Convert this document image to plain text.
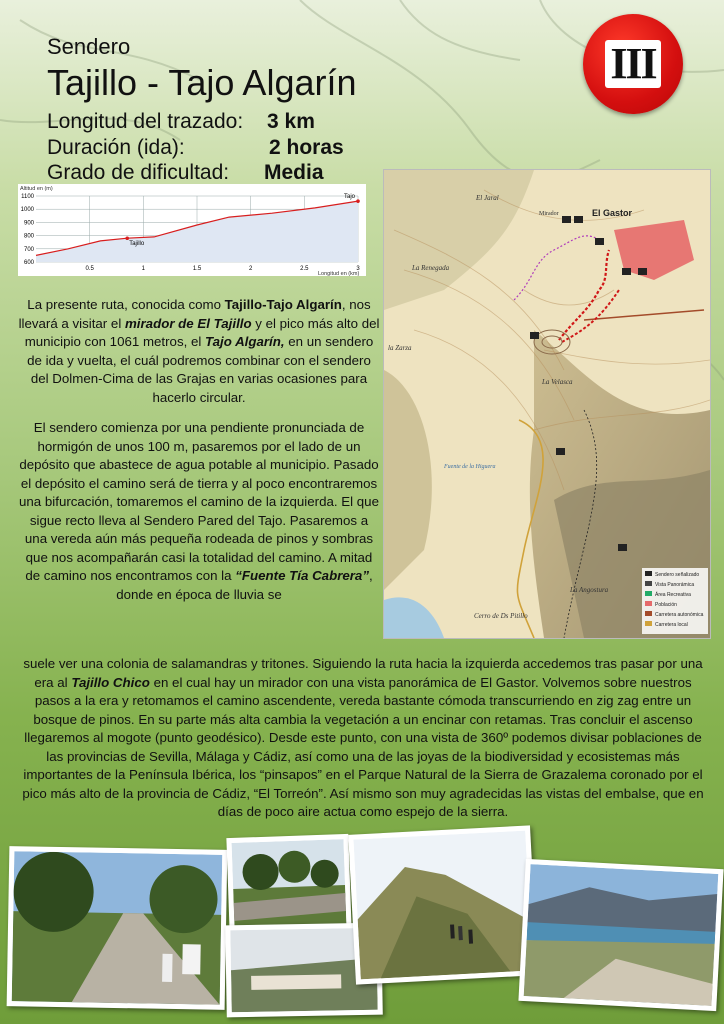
Sendero
Tajillo - Tajo Algarín
Longitud del trazado: 3 km
Duración (ida):	2 horas
Grado de dificultad: Media
III
Altitud en (m)
1100
1000
900
800
700
600
0.5	1	1.5	2	2.5	3
Tajillo
Tajo
Longitud en (km)
El Jaral
El Gastor
Mirador
La Renegada
La Velasca
La Angostura
la Zarza
Cerro de Ds Pitillo
Fuente de la Higuera
Sendero señalizado
Vista Panorámica
Área Recreativa
Población
Carretera autonómica
Carretera local

La presente ruta, conocida como Tajillo-Tajo Algarín, nos llevará a visitar el mirador de El Tajillo y el pico más alto del municipio con 1061 metros, el Tajo Algarín, en un sendero de ida y vuelta, el cuál podremos combinar con el sendero del Dolmen-Cima de las Grajas en varias ocasiones para hacerlo circular.

El sendero comienza por una pendiente pronunciada de hormigón de unos 100 m, pasaremos por el lado de un depósito que abastece de agua potable al municipio. Pasado el depósito el camino será de tierra y al poco encontraremos una bifurcación, tomaremos el camino de la izquierda. El que sigue recto lleva al Sendero Pared del Tajo. Pasaremos a una vereda aún más pequeña rodeada de pinos y sombras que nos acompañarán casi la totalidad del camino. A mitad de camino nos encontramos con la “Fuente Tía Cabrera”, donde en época de lluvia se

suele ver una colonia de salamandras y tritones. Siguiendo la ruta hacia la izquierda accedemos tras pasar por una era al Tajillo Chico en el cual hay un mirador con una vista panorámica de El Gastor. Volvemos sobre nuestros pasos a la era y retomamos el camino ascendente, vereda bastante cómoda transcurriendo en zig zag entre un bosque de pinos. En su parte más alta cambia la vegetación a un encinar con retamas. Tras concluir el ascenso llegaremos al mogote (punto geodésico). Desde este punto, con una vista de 360º podemos divisar poblaciones de las provincias de Sevilla, Málaga y Cádiz, así como una de las joyas de la biodiversidad y ecosistemas más importantes de la Península Ibérica, los “pinsapos” en el Parque Natural de la Sierra de Grazalema coronado por el pico más alto de la provincia de Cádiz, “El Torreón”. Así mismo son muy agradecidas las vistas del embalse, que en días de poco aire actua como espejo de la sierra.
